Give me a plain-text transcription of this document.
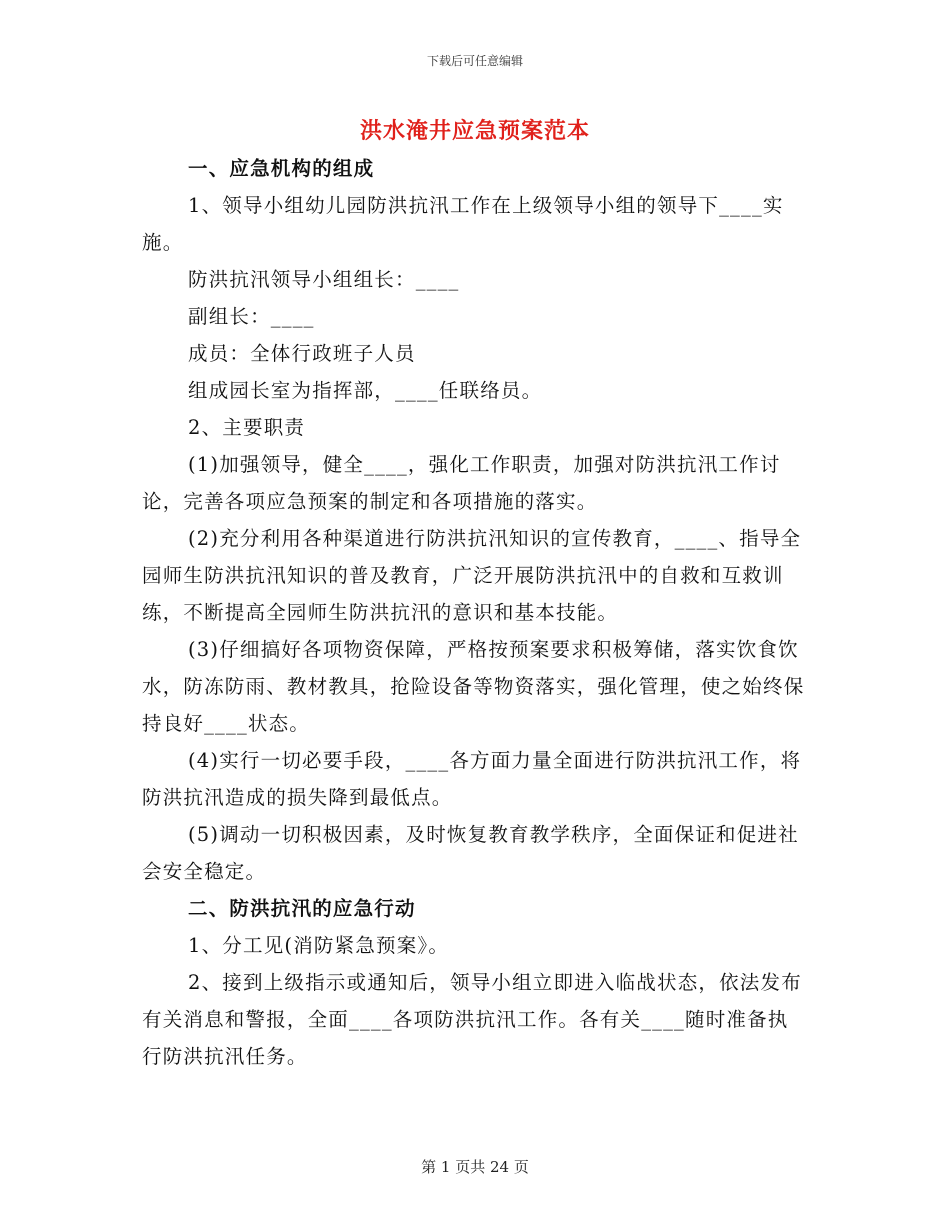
下载后可任意编辑
洪水淹井应急预案范本

一、应急机构的组成

1、领导小组幼儿园防洪抗汛工作在上级领导小组的领导下____实施。

防洪抗汛领导小组组长：____

副组长：____

成员：全体行政班子人员

组成园长室为指挥部，____任联络员。

2、主要职责

(1)加强领导，健全____，强化工作职责，加强对防洪抗汛工作讨论，完善各项应急预案的制定和各项措施的落实。

(2)充分利用各种渠道进行防洪抗汛知识的宣传教育，____、指导全园师生防洪抗汛知识的普及教育，广泛开展防洪抗汛中的自救和互救训练，不断提高全园师生防洪抗汛的意识和基本技能。

(3)仔细搞好各项物资保障，严格按预案要求积极筹储，落实饮食饮水，防冻防雨、教材教具，抢险设备等物资落实，强化管理，使之始终保持良好____状态。

(4)实行一切必要手段，____各方面力量全面进行防洪抗汛工作，将防洪抗汛造成的损失降到最低点。

(5)调动一切积极因素，及时恢复教育教学秩序，全面保证和促进社会安全稳定。

二、防洪抗汛的应急行动

1、分工见(消防紧急预案》。

2、接到上级指示或通知后，领导小组立即进入临战状态，依法发布有关消息和警报，全面____各项防洪抗汛工作。各有关____随时准备执行防洪抗汛任务。

第 1 页共 24 页
